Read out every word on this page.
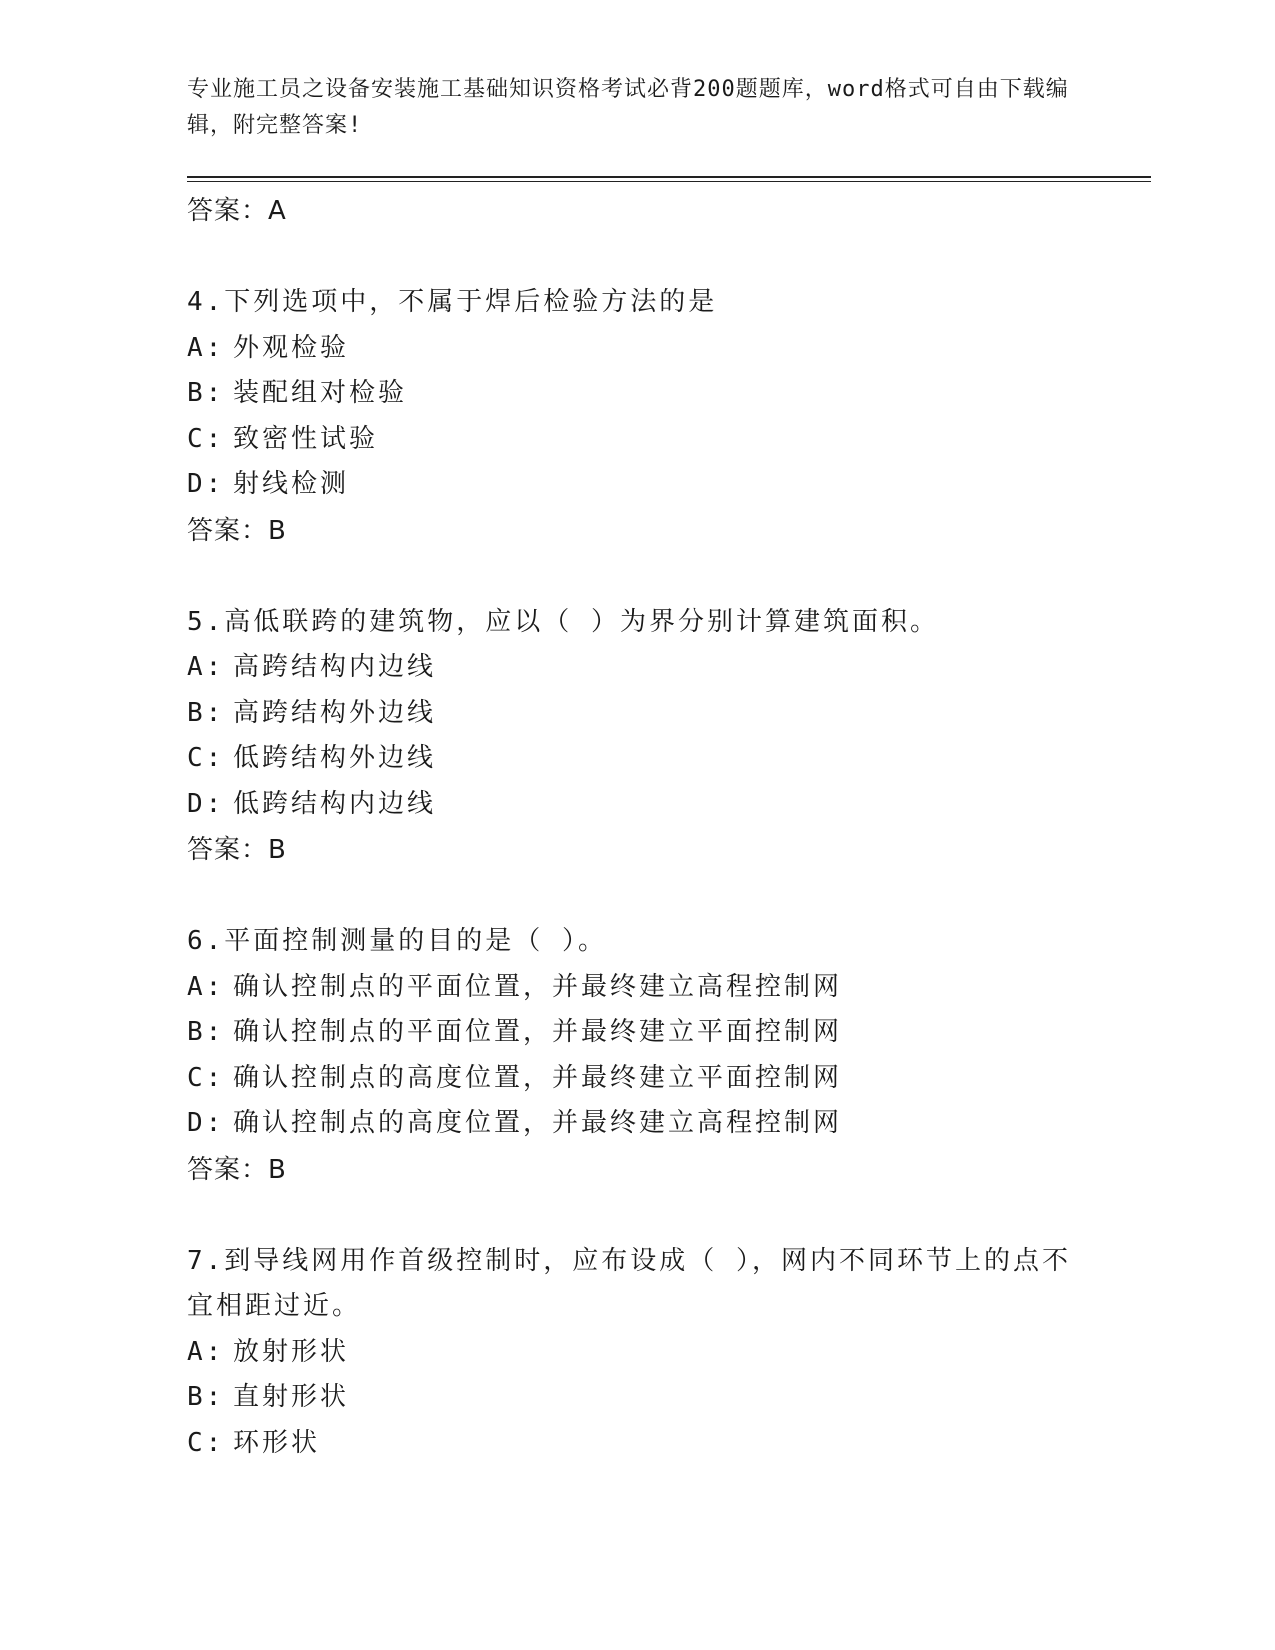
专业施工员之设备安装施工基础知识资格考试必背200题题库，word格式可自由下载编辑，附完整答案!
答案：A
4.下列选项中，不属于焊后检验方法的是
A: 外观检验
B: 装配组对检验
C: 致密性试验
D: 射线检测
答案：B
5.高低联跨的建筑物，应以（ ）为界分别计算建筑面积。
A: 高跨结构内边线
B: 高跨结构外边线
C: 低跨结构外边线
D: 低跨结构内边线
答案：B
6.平面控制测量的目的是（ ）。
A: 确认控制点的平面位置，并最终建立高程控制网
B: 确认控制点的平面位置，并最终建立平面控制网
C: 确认控制点的高度位置，并最终建立平面控制网
D: 确认控制点的高度位置，并最终建立高程控制网
答案：B
7.到导线网用作首级控制时，应布设成（ ），网内不同环节上的点不宜相距过近。
A: 放射形状
B: 直射形状
C: 环形状
